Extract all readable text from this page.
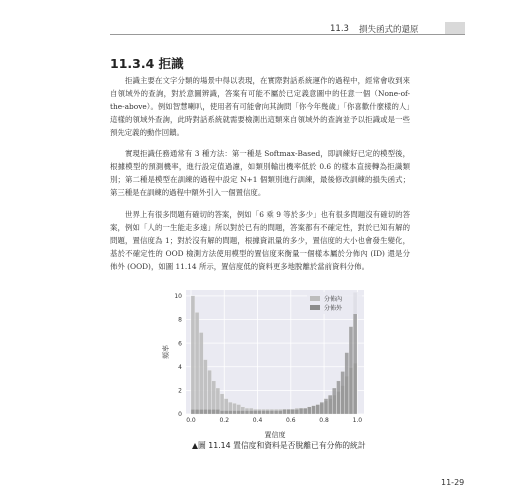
11.3 損失函式的還原
11.3.4 拒識

拒識主要在文字分類的場景中得以表現，在實際對話系統運作的過程中，經常會收到來自領域外的查詢，對於意圖辨識，答案有可能不屬於已定義意圖中的任意一個（None-of-the-above）。例如智慧喇叭，使用者有可能會向其詢問「你今年幾歲」「你喜歡什麼樣的人」這樣的領域外查詢，此時對話系統就需要檢測出這類來自領域外的查詢並予以拒識或是一些預先定義的動作回饋。

實現拒識任務通常有 3 種方法：第一種是 Softmax-Based，即訓練好已定的模型後，根據模型的預測機率，進行設定值過濾，如類別輸出機率低於 0.6 的樣本直接轉為拒識類別；第二種是模型在訓練的過程中設定 N+1 個類別進行訓練，最後修改訓練的損失函式；第三種是在訓練的過程中額外引入一個置信度。

世界上有很多問題有確切的答案，例如「6 乘 9 等於多少」也有很多問題沒有確切的答案，例如「人的一生能走多遠」所以對於已有的問題，答案都有不確定性，對於已知有解的問題，置信度為 1；對於沒有解的問題，根據資訊量的多少，置信度的大小也會發生變化，基於不確定性的 OOD 檢測方法使用模型的置信度來衡量一個樣本屬於分佈內 (ID) 還是分佈外 (OOD)，如圖 11.14 所示，置信度低的資料更多地脫離於當前資料分佈。

0
2
4
6
8
10
0.0	0.2	0.4	0.6	0.8	1.0
頻率
置信度
分佈內
分佈外
▲圖 11.14 置信度和資料是否脫離已有分佈的統計
11-29
